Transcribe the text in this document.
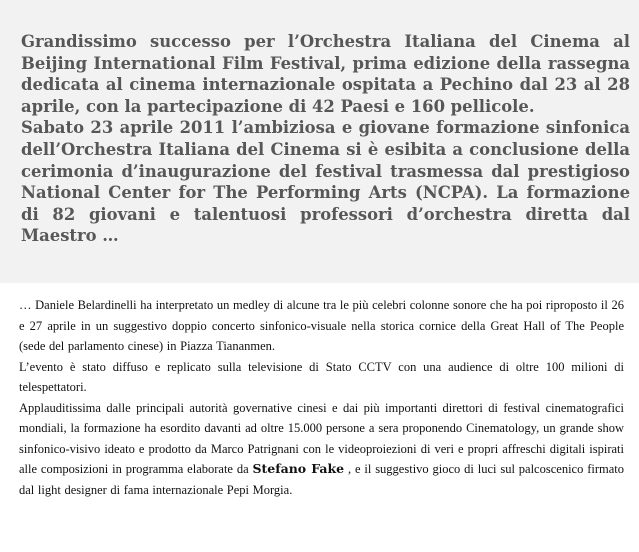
Grandissimo successo per l’Orchestra Italiana del Cinema al Beijing International Film Festival, prima edizione della rassegna dedicata al cinema internazionale ospitata a Pechino dal 23 al 28 aprile, con la partecipazione di 42 Paesi e 160 pellicole.
Sabato 23 aprile 2011 l’ambiziosa e giovane formazione sinfonica dell’Orchestra Italiana del Cinema si è esibita a conclusione della cerimonia d’inaugurazione del festival trasmessa dal prestigioso National Center for The Performing Arts (NCPA). La formazione di 82 giovani e talentuosi professori d’orchestra diretta dal Maestro …

… Daniele Belardinelli ha interpretato un medley di alcune tra le più celebri colonne sonore che ha poi riproposto il 26 e 27 aprile in un suggestivo doppio concerto sinfonico-visuale nella storica cornice della Great Hall of The People (sede del parlamento cinese) in Piazza Tiananmen.

L’evento è stato diffuso e replicato sulla televisione di Stato CCTV con una audience di oltre 100 milioni di telespettatori.

Applauditissima dalle principali autorità governative cinesi e dai più importanti direttori di festival cinematografici mondiali, la formazione ha esordito davanti ad oltre 15.000 persone a sera proponendo Cinematology, un grande show sinfonico-visivo ideato e prodotto da Marco Patrignani con le videoproiezioni di veri e propri affreschi digitali ispirati alle composizioni in programma elaborate da Stefano Fake , e il suggestivo gioco di luci sul palcoscenico firmato dal light designer di fama internazionale Pepi Morgia.
